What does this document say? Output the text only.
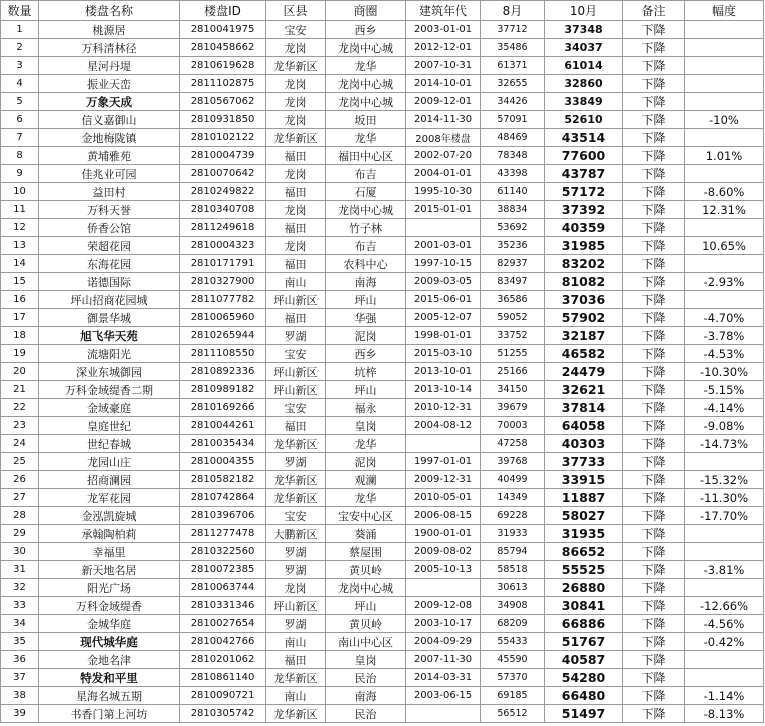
数量	楼盘名称	楼盘ID	区县	商圈	建筑年代	8月	10月	备注	幅度
1	桃源居	2810041975	宝安	西乡	2003-01-01	37712	37348	下降	
2	万科清林径	2810458662	龙岗	龙岗中心城	2012-12-01	35486	34037	下降	
3	星河丹堤	2810619628	龙华新区	龙华	2007-10-31	61371	61014	下降	
4	振业天峦	2811102875	龙岗	龙岗中心城	2014-10-01	32655	32860	下降	
5	万象天成	2810567062	龙岗	龙岗中心城	2009-12-01	34426	33849	下降	
6	信义嘉御山	2810931850	龙岗	坂田	2014-11-30	57091	52610	下降	-10%
7	金地梅陇镇	2810102122	龙华新区	龙华	2008年楼盘	48469	43514	下降	
8	黄埔雅苑	2810004739	福田	福田中心区	2002-07-20	78348	77600	下降	1.01%
9	佳兆业可园	2810070642	龙岗	布吉	2004-01-01	43398	43787	下降	
10	益田村	2810249822	福田	石厦	1995-10-30	61140	57172	下降	-8.60%
11	万科天誉	2810340708	龙岗	龙岗中心城	2015-01-01	38834	37392	下降	12.31%
12	侨香公馆	2811249618	福田	竹子林		53692	40359	下降	
13	荣超花园	2810004323	龙岗	布吉	2001-03-01	35236	31985	下降	10.65%
14	东海花园	2810171791	福田	农科中心	1997-10-15	82937	83202	下降	
15	诺德国际	2810327900	南山	南海	2009-03-05	83497	81082	下降	-2.93%
16	坪山招商花园城	2811077782	坪山新区	坪山	2015-06-01	36586	37036	下降	
17	御景华城	2810065960	福田	华强	2005-12-07	59052	57902	下降	-4.70%
18	旭飞华天苑	2810265944	罗湖	泥岗	1998-01-01	33752	32187	下降	-3.78%
19	流塘阳光	2811108550	宝安	西乡	2015-03-10	51255	46582	下降	-4.53%
20	深业东城御园	2810892336	坪山新区	坑梓	2013-10-01	25166	24479	下降	-10.30%
21	万科金域缇香二期	2810989182	坪山新区	坪山	2013-10-14	34150	32621	下降	-5.15%
22	金域豪庭	2810169266	宝安	福永	2010-12-31	39679	37814	下降	-4.14%
23	皇庭世纪	2810044261	福田	皇岗	2004-08-12	70003	64058	下降	-9.08%
24	世纪春城	2810035434	龙华新区	龙华		47258	40303	下降	-14.73%
25	龙园山庄	2810004355	罗湖	泥岗	1997-01-01	39768	37733	下降	
26	招商澜园	2810582182	龙华新区	观澜	2009-12-31	40499	33915	下降	-15.32%
27	龙军花园	2810742864	龙华新区	龙华	2010-05-01	14349	11887	下降	-11.30%
28	金泓凯旋城	2810396706	宝安	宝安中心区	2006-08-15	69228	58027	下降	-17.70%
29	承翰陶柏莉	2811277478	大鹏新区	葵涌	1900-01-01	31933	31935	下降	
30	幸福里	2810322560	罗湖	蔡屋围	2009-08-02	85794	86652	下降	
31	新天地名居	2810072385	罗湖	黄贝岭	2005-10-13	58518	55525	下降	-3.81%
32	阳光广场	2810063744	龙岗	龙岗中心城		30613	26880	下降	
33	万科金域缇香	2810331346	坪山新区	坪山	2009-12-08	34908	30841	下降	-12.66%
34	金城华庭	2810027654	罗湖	黄贝岭	2003-10-17	68209	66886	下降	-4.56%
35	现代城华庭	2810042766	南山	南山中心区	2004-09-29	55433	51767	下降	-0.42%
36	金地名津	2810201062	福田	皇岗	2007-11-30	45590	40587	下降	
37	特发和平里	2810861140	龙华新区	民治	2014-03-31	57370	54280	下降	
38	星海名城五期	2810090721	南山	南海	2003-06-15	69185	66480	下降	-1.14%
39	书香门第上河坊	2810305742	龙华新区	民治		56512	51497	下降	-8.13%
